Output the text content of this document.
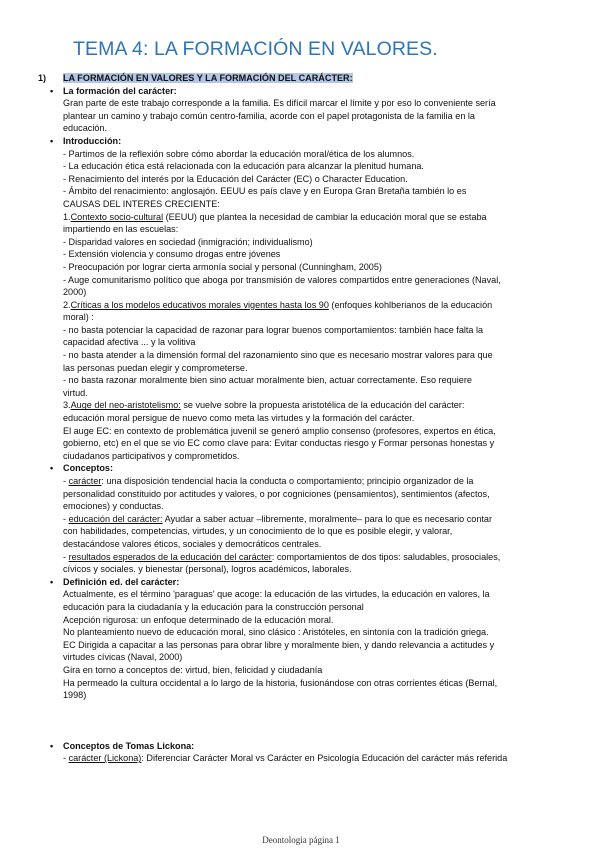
TEMA 4: LA FORMACIÓN EN VALORES.
1) LA FORMACIÓN EN VALORES Y LA FORMACIÓN DEL CARÁCTER:
• La formación del carácter:
Gran parte de este trabajo corresponde a la familia. Es difícil marcar el límite y por eso lo conveniente sería
plantear un camino y trabajo común centro-familia, acorde con el papel protagonista de la familia en la
educación.
• Introducción:
- Partimos de la reflexión sobre cómo abordar la educación moral/ética de los alumnos.
- La educación ética está relacionada con la educación para alcanzar la plenitud humana.
- Renacimiento del interés por la Educación del Carácter (EC) o Character Education.
- Ámbito del renacimiento: anglosajón. EEUU es país clave y en Europa Gran Bretaña también lo es
CAUSAS DEL INTERES CRECIENTE:
1.Contexto socio-cultural (EEUU) que plantea la necesidad de cambiar la educación moral que se estaba
impartiendo en las escuelas:
- Disparidad valores en sociedad (inmigración; individualismo)
- Extensión violencia y consumo drogas entre jóvenes
- Preocupación por lograr cierta armonía social y personal (Cunningham, 2005)
- Auge comunitarismo político que aboga por transmisión de valores compartidos entre generaciones (Naval,
2000)
2.Críticas a los modelos educativos morales vigentes hasta los 90 (enfoques kohlberianos de la educación
moral) :
- no basta potenciar la capacidad de razonar para lograr buenos comportamientos: también hace falta la
capacidad afectiva ... y la volitiva
- no basta atender a la dimensión formal del razonamiento sino que es necesario mostrar valores para que
las personas puedan elegir y comprometerse.
- no basta razonar moralmente bien sino actuar moralmente bien, actuar correctamente. Eso requiere
virtud.
3.Auge del neo-aristotelismo: se vuelve sobre la propuesta aristotélica de la educación del carácter:
educación moral persigue de nuevo como meta las virtudes y la formación del carácter.
El auge EC: en contexto de problemática juvenil se generó amplio consenso (profesores, expertos en ética,
gobierno, etc) en el que se vio EC como clave para: Evitar conductas riesgo y Formar personas honestas y
ciudadanos participativos y comprometidos.
• Conceptos:
- carácter: una disposición tendencial hacia la conducta o comportamiento; principio organizador de la
personalidad constituido por actitudes y valores, o por cogniciones (pensamientos), sentimientos (afectos,
emociones) y conductas.
- educación del carácter: Ayudar a saber actuar –libremente, moralmente– para lo que es necesario contar
con habilidades, competencias, virtudes, y un conocimiento de lo que es posible elegir, y valorar,
destacándose valores éticos, sociales y democráticos centrales.
- resultados esperados de la educación del carácter: comportamientos de dos tipos: saludables, prosociales,
cívicos y sociales. y bienestar (personal), logros académicos, laborales.
• Definición ed. del carácter:
Actualmente, es el término 'paraguas' que acoge: la educación de las virtudes, la educación en valores, la
educación para la ciudadanía y la educación para la construcción personal
Acepción rigurosa: un enfoque determinado de la educación moral.
No planteamiento nuevo de educación moral, sino clásico : Aristóteles, en sintonía con la tradición griega.
EC Dirigida a capacitar a las personas para obrar libre y moralmente bien, y dando relevancia a actitudes y
virtudes cívicas (Naval, 2000)
Gira en torno a conceptos de: virtud, bien, felicidad y ciudadanía
Ha permeado la cultura occidental a lo largo de la historia, fusionándose con otras corrientes éticas (Bernal,
1998)
• Conceptos de Tomas Lickona:
- carácter (Lickona): Diferenciar Carácter Moral vs Carácter en Psicología Educación del carácter más referida
Deontologia página 1
